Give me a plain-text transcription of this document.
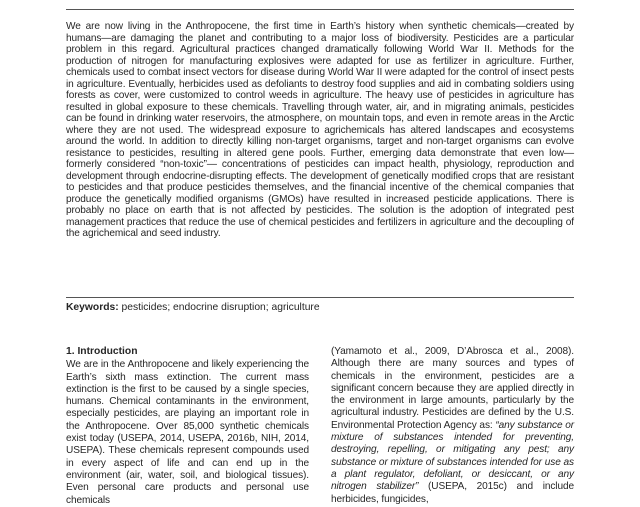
We are now living in the Anthropocene, the first time in Earth’s history when synthetic chemicals—created by humans—are damaging the planet and contributing to a major loss of biodiversity. Pesticides are a particular problem in this regard. Agricultural practices changed dramatically following World War II. Methods for the production of nitrogen for manufacturing explosives were adapted for use as fertilizer in agriculture. Further, chemicals used to combat insect vectors for disease during World War II were adapted for the control of insect pests in agriculture. Eventually, herbicides used as defoliants to destroy food supplies and aid in combating soldiers using forests as cover, were customized to control weeds in agriculture. The heavy use of pesticides in agriculture has resulted in global exposure to these chemicals. Travelling through water, air, and in migrating animals, pesticides can be found in drinking water reservoirs, the atmosphere, on mountain tops, and even in remote areas in the Arctic where they are not used. The widespread exposure to agrichemicals has altered landscapes and ecosystems around the world. In addition to directly killing non-target organisms, target and non-target organisms can evolve resistance to pesticides, resulting in altered gene pools. Further, emerging data demonstrate that even low— formerly considered “non-toxic”— concentrations of pesticides can impact health, physiology, reproduction and development through endocrine-disrupting effects. The development of genetically modified crops that are resistant to pesticides and that produce pesticides themselves, and the financial incentive of the chemical companies that produce the genetically modified organisms (GMOs) have resulted in increased pesticide applications. There is probably no place on earth that is not affected by pesticides. The solution is the adoption of integrated pest management practices that reduce the use of chemical pesticides and fertilizers in agriculture and the decoupling of the agrichemical and seed industry.

Keywords: pesticides; endocrine disruption; agriculture

1. Introduction

We are in the Anthropocene and likely experiencing the Earth’s sixth mass extinction. The current mass extinction is the first to be caused by a single species, humans. Chemical contaminants in the environment, especially pesticides, are playing an important role in the Anthropocene. Over 85,000 synthetic chemicals exist today (USEPA, 2014, USEPA, 2016b, NIH, 2014, USEPA). These chemicals represent compounds used in every aspect of life and can end up in the environment (air, water, soil, and biological tissues). Even personal care products and personal use chemicals

(Yamamoto et al., 2009, D’Abrosca et al., 2008). Although there are many sources and types of chemicals in the environment, pesticides are a significant concern because they are applied directly in the environment in large amounts, particularly by the agricultural industry. Pesticides are defined by the U.S. Environmental Protection Agency as: “any substance or mixture of substances intended for preventing, destroying, repelling, or mitigating any pest; any substance or mixture of substances intended for use as a plant regulator, defoliant, or desiccant, or any nitrogen stabilizer” (USEPA, 2015c) and include herbicides, fungicides,
